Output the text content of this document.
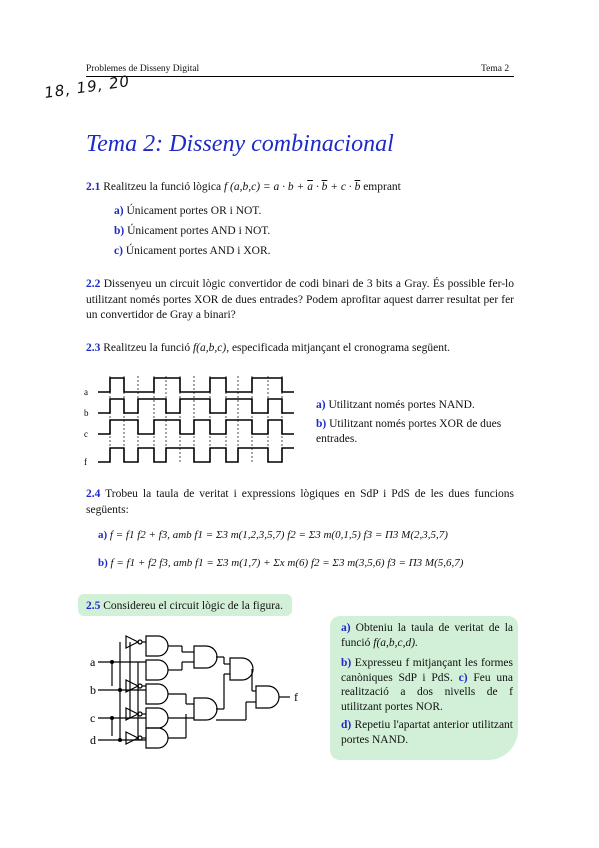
Problemes de Disseny Digital	Tema 2
18, 19, 20
Tema 2: Disseny combinacional
2.1 Realitzeu la funció lògica f $(a,b,c) = a \cdot b + \overline{a} \cdot \overline{b} + c \cdot \overline{b}$ emprant
a) Únicament portes OR i NOT.
b) Únicament portes AND i NOT.
c) Únicament portes AND i XOR.
2.2 Dissenyeu un circuit lògic convertidor de codi binari de 3 bits a Gray. És possible fer-lo utilitzant només portes XOR de dues entrades? Podem aprofitar aquest darrer resultat per fer un convertidor de Gray a binari?
2.3 Realitzeu la funció f(a,b,c), especificada mitjançant el cronograma següent.
a
b
c
f
a) Utilitzant només portes NAND.
b) Utilitzant només portes XOR de dues entrades.
2.4 Trobeu la taula de veritat i expressions lògiques en SdP i PdS de les dues funcions següents:
a) f = f1 f2 + f3, amb f1 = Σ3 m(1,2,3,5,7) f2 = Σ3 m(0,1,5) f3 = Π3 M(2,3,5,7)
b) f = f1 + f2 f3, amb f1 = Σ3 m(1,7) + Σx m(6) f2 = Σ3 m(3,5,6) f3 = Π3 M(5,6,7)
2.5 Considereu el circuit lògic de la figura.
a
b
c
d
f
a) Obteniu la taula de veritat de la funció f(a,b,c,d).
b) Expresseu f mitjançant les formes canòniques SdP i PdS. c) Feu una realització a dos nivells de f utilitzant portes NOR.
d) Repetiu l'apartat anterior utilitzant portes NAND.
